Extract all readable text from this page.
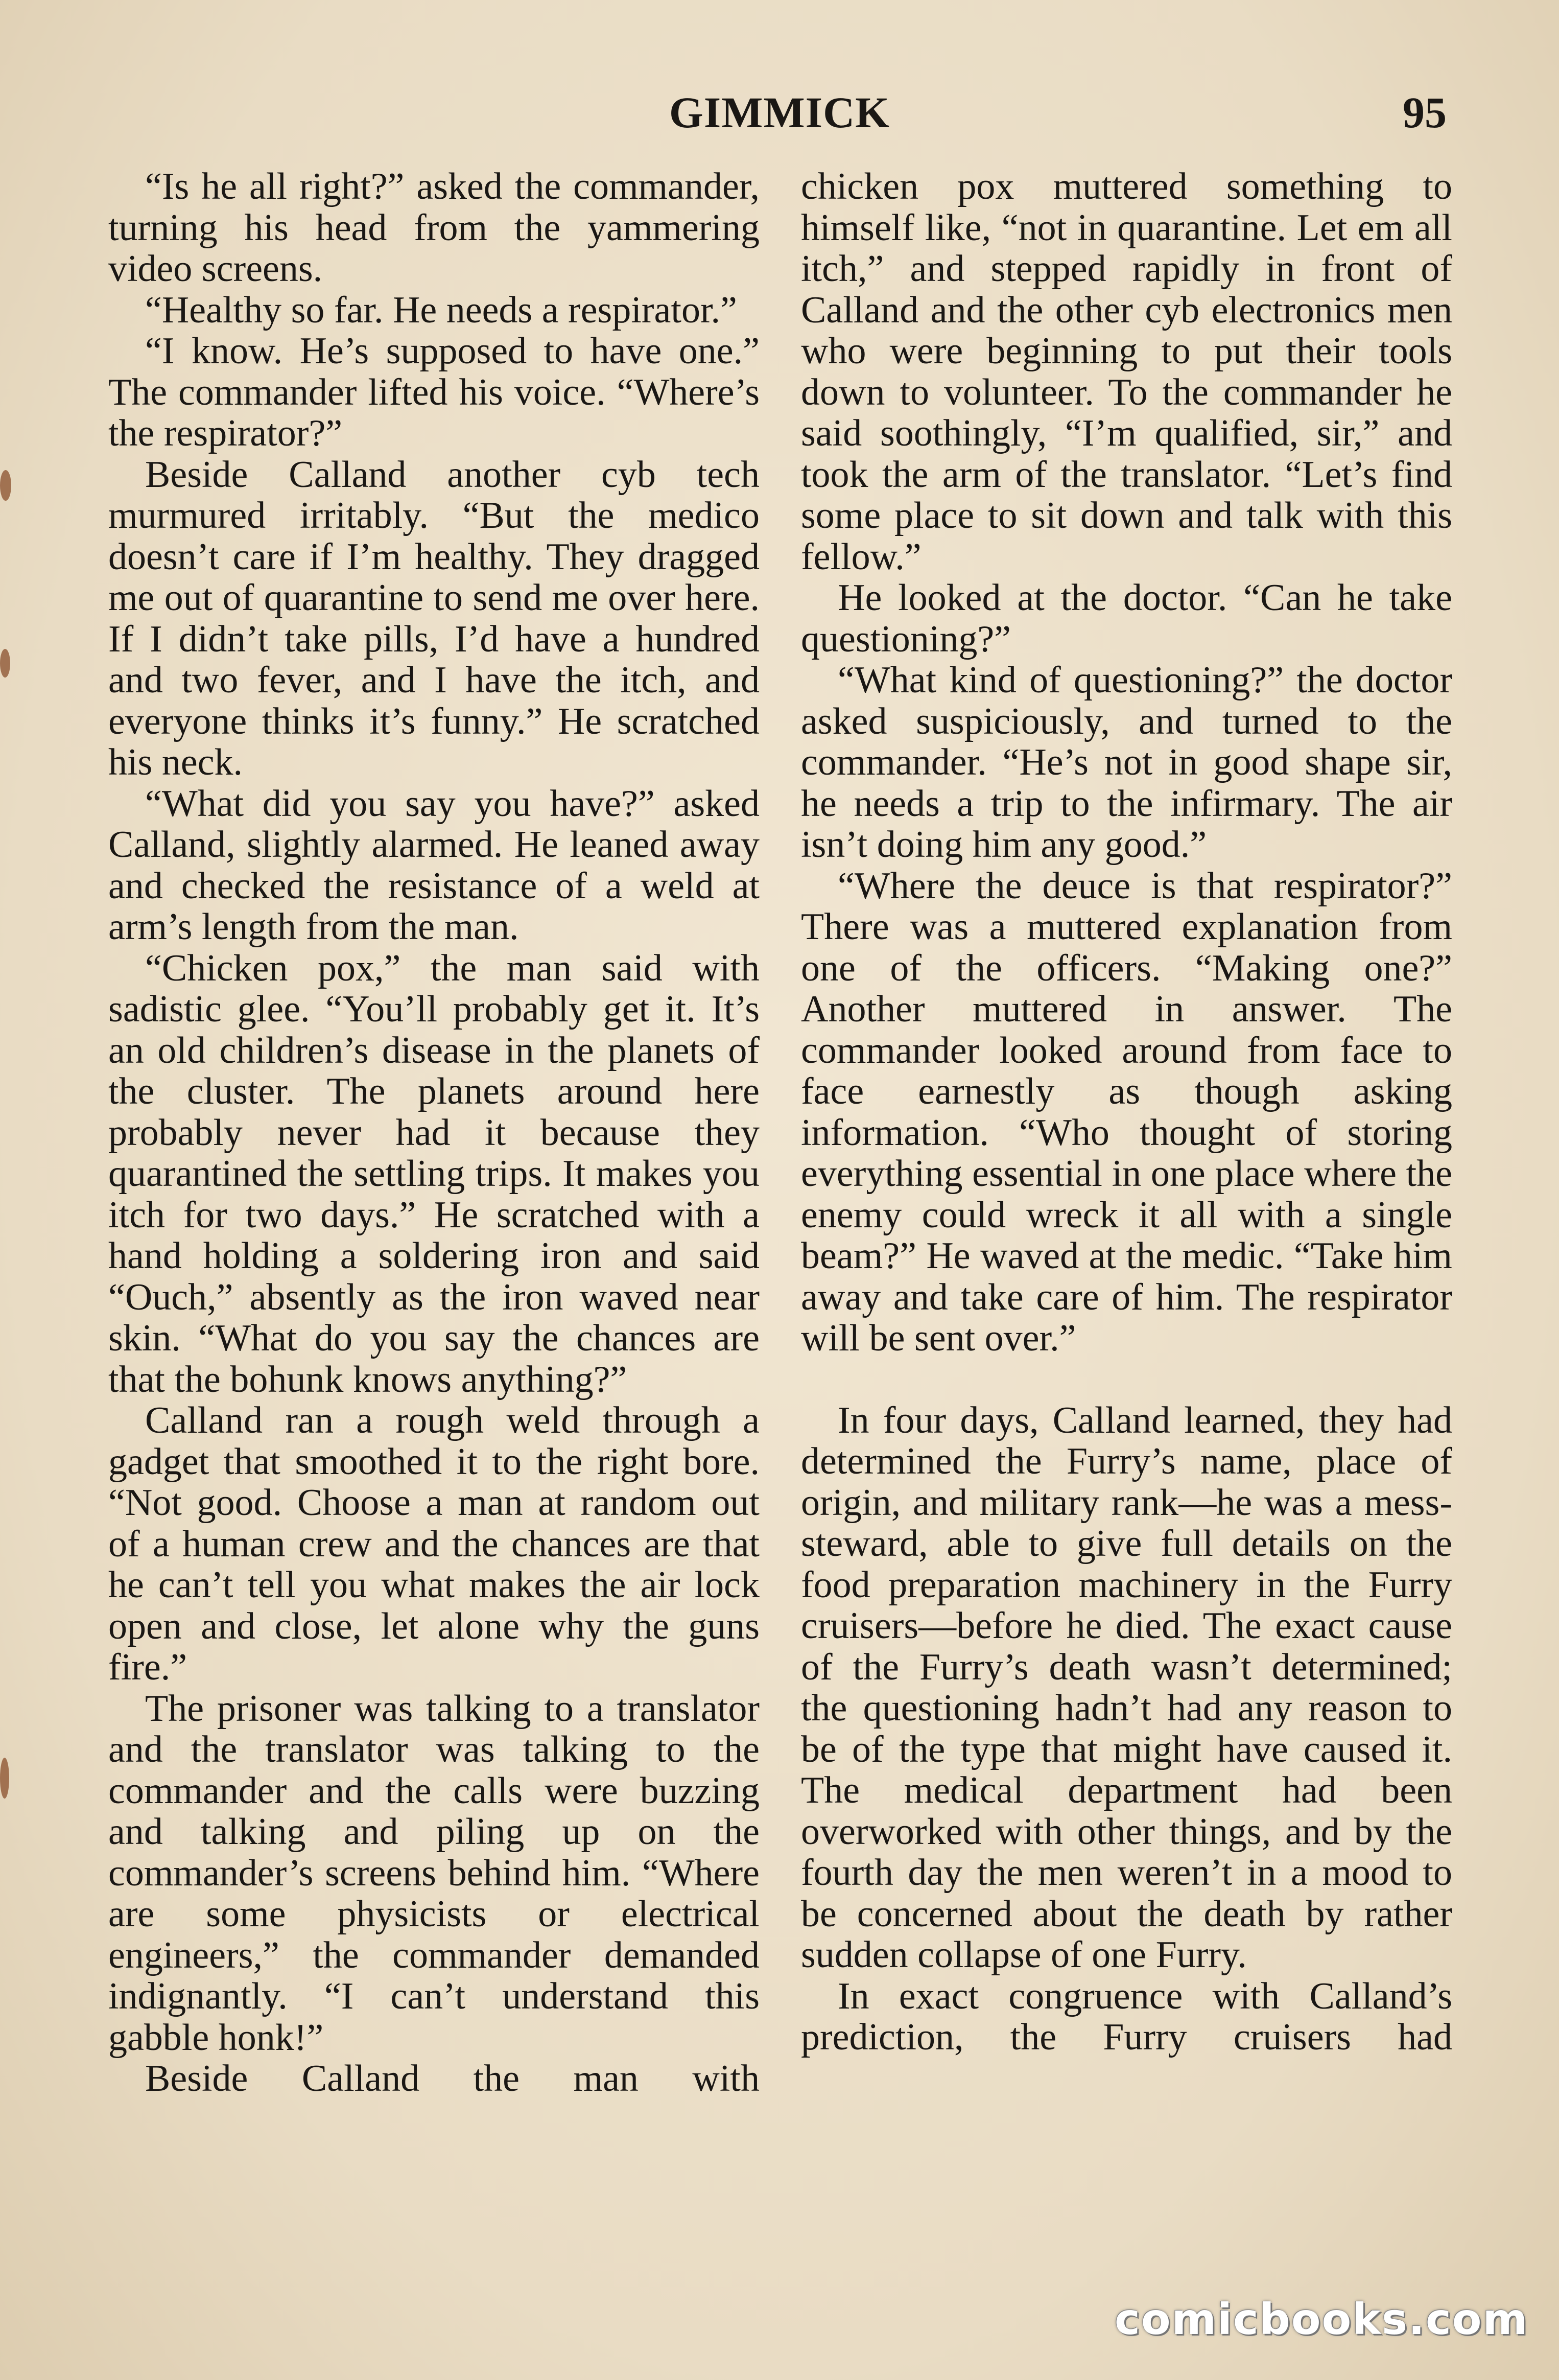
GIMMICK	95

“Is he all right?” asked the commander, turning his head from the yammering video screens.

“Healthy so far. He needs a respirator.”

“I know. He’s supposed to have one.” The commander lifted his voice. “Where’s the respirator?”

Beside Calland another cyb tech murmured irritably. “But the medico doesn’t care if I’m healthy. They dragged me out of quarantine to send me over here. If I didn’t take pills, I’d have a hundred and two fever, and I have the itch, and everyone thinks it’s funny.” He scratched his neck.

“What did you say you have?” asked Calland, slightly alarmed. He leaned away and checked the resistance of a weld at arm’s length from the man.

“Chicken pox,” the man said with sadistic glee. “You’ll probably get it. It’s an old children’s disease in the planets of the cluster. The planets around here probably never had it because they quarantined the settling trips. It makes you itch for two days.” He scratched with a hand holding a soldering iron and said “Ouch,” absently as the iron waved near skin. “What do you say the chances are that the bohunk knows anything?”

Calland ran a rough weld through a gadget that smoothed it to the right bore. “Not good. Choose a man at random out of a human crew and the chances are that he can’t tell you what makes the air lock open and close, let alone why the guns fire.”

The prisoner was talking to a translator and the translator was talking to the commander and the calls were buzzing and talking and piling up on the commander’s screens behind him. “Where are some physicists or electrical engineers,” the commander demanded indignantly. “I can’t understand this gabble honk!”

Beside Calland the man with

chicken pox muttered something to himself like, “not in quarantine. Let em all itch,” and stepped rapidly in front of Calland and the other cyb electronics men who were beginning to put their tools down to volunteer. To the commander he said soothingly, “I’m qualified, sir,” and took the arm of the translator. “Let’s find some place to sit down and talk with this fellow.”

He looked at the doctor. “Can he take questioning?”

“What kind of questioning?” the doctor asked suspiciously, and turned to the commander. “He’s not in good shape sir, he needs a trip to the infirmary. The air isn’t doing him any good.”

“Where the deuce is that respirator?” There was a muttered explanation from one of the officers. “Making one?” Another muttered in answer. The commander looked around from face to face earnestly as though asking information. “Who thought of storing everything essential in one place where the enemy could wreck it all with a single beam?” He waved at the medic. “Take him away and take care of him. The respirator will be sent over.”

In four days, Calland learned, they had determined the Furry’s name, place of origin, and military rank—he was a mess-steward, able to give full details on the food preparation machinery in the Furry cruisers—before he died. The exact cause of the Furry’s death wasn’t determined; the questioning hadn’t had any reason to be of the type that might have caused it. The medical department had been overworked with other things, and by the fourth day the men weren’t in a mood to be concerned about the death by rather sudden collapse of one Furry.

In exact congruence with Calland’s prediction, the Furry cruisers had

comicbooks.com
